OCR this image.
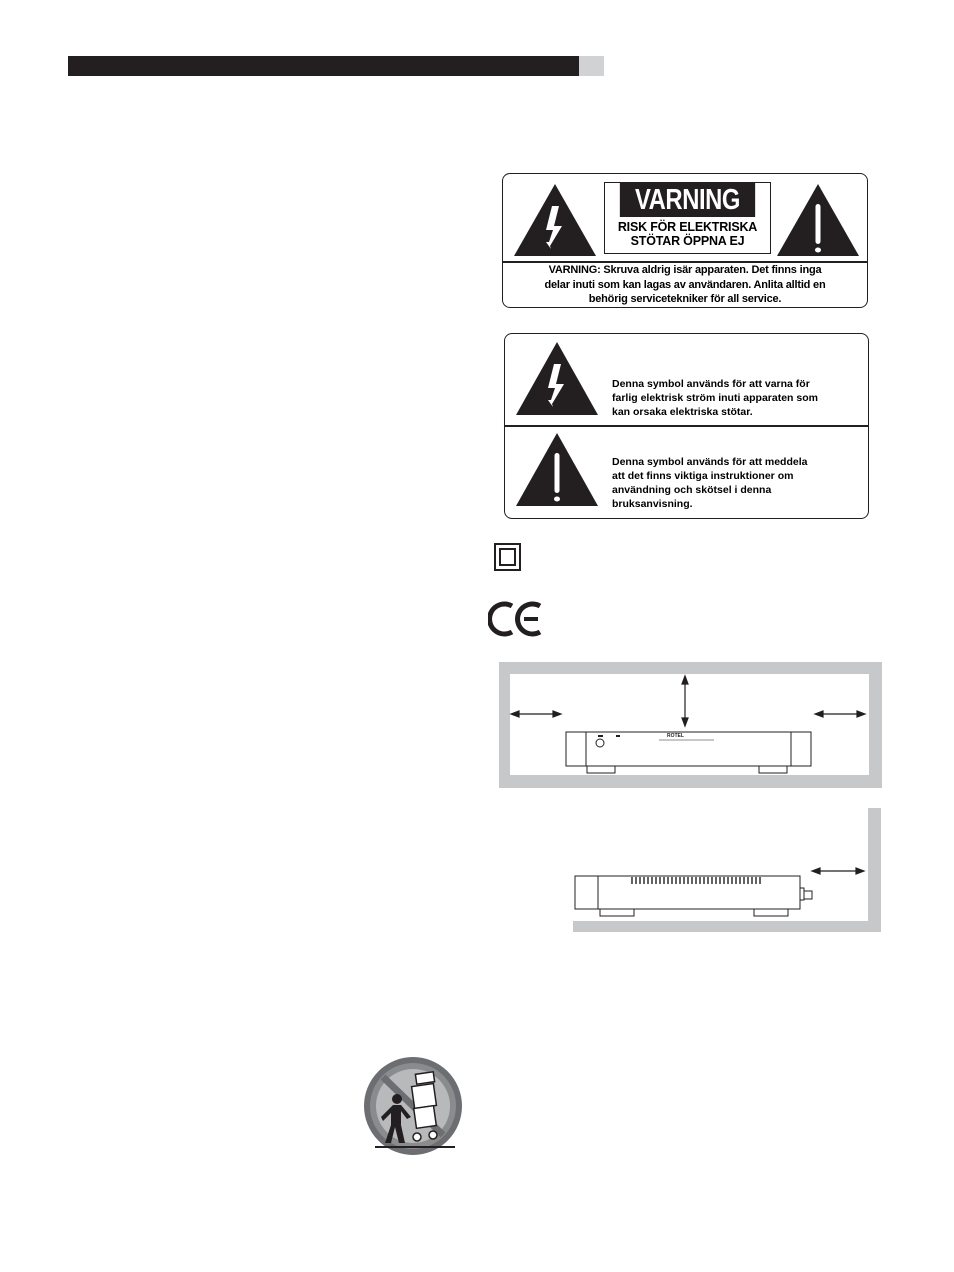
VARNING
RISK FÖR ELEKTRISKA
STÖTAR ÖPPNA EJ
VARNING: Skruva aldrig isär apparaten. Det finns inga
delar inuti som kan lagas av användaren. Anlita alltid en
behörig servicetekniker för all service.
Denna symbol används för att varna för
farlig elektrisk ström inuti apparaten som
kan orsaka elektriska stötar.
Denna symbol används för att meddela
att det finns viktiga instruktioner om
användning och skötsel i denna
bruksanvisning.
ROTEL
